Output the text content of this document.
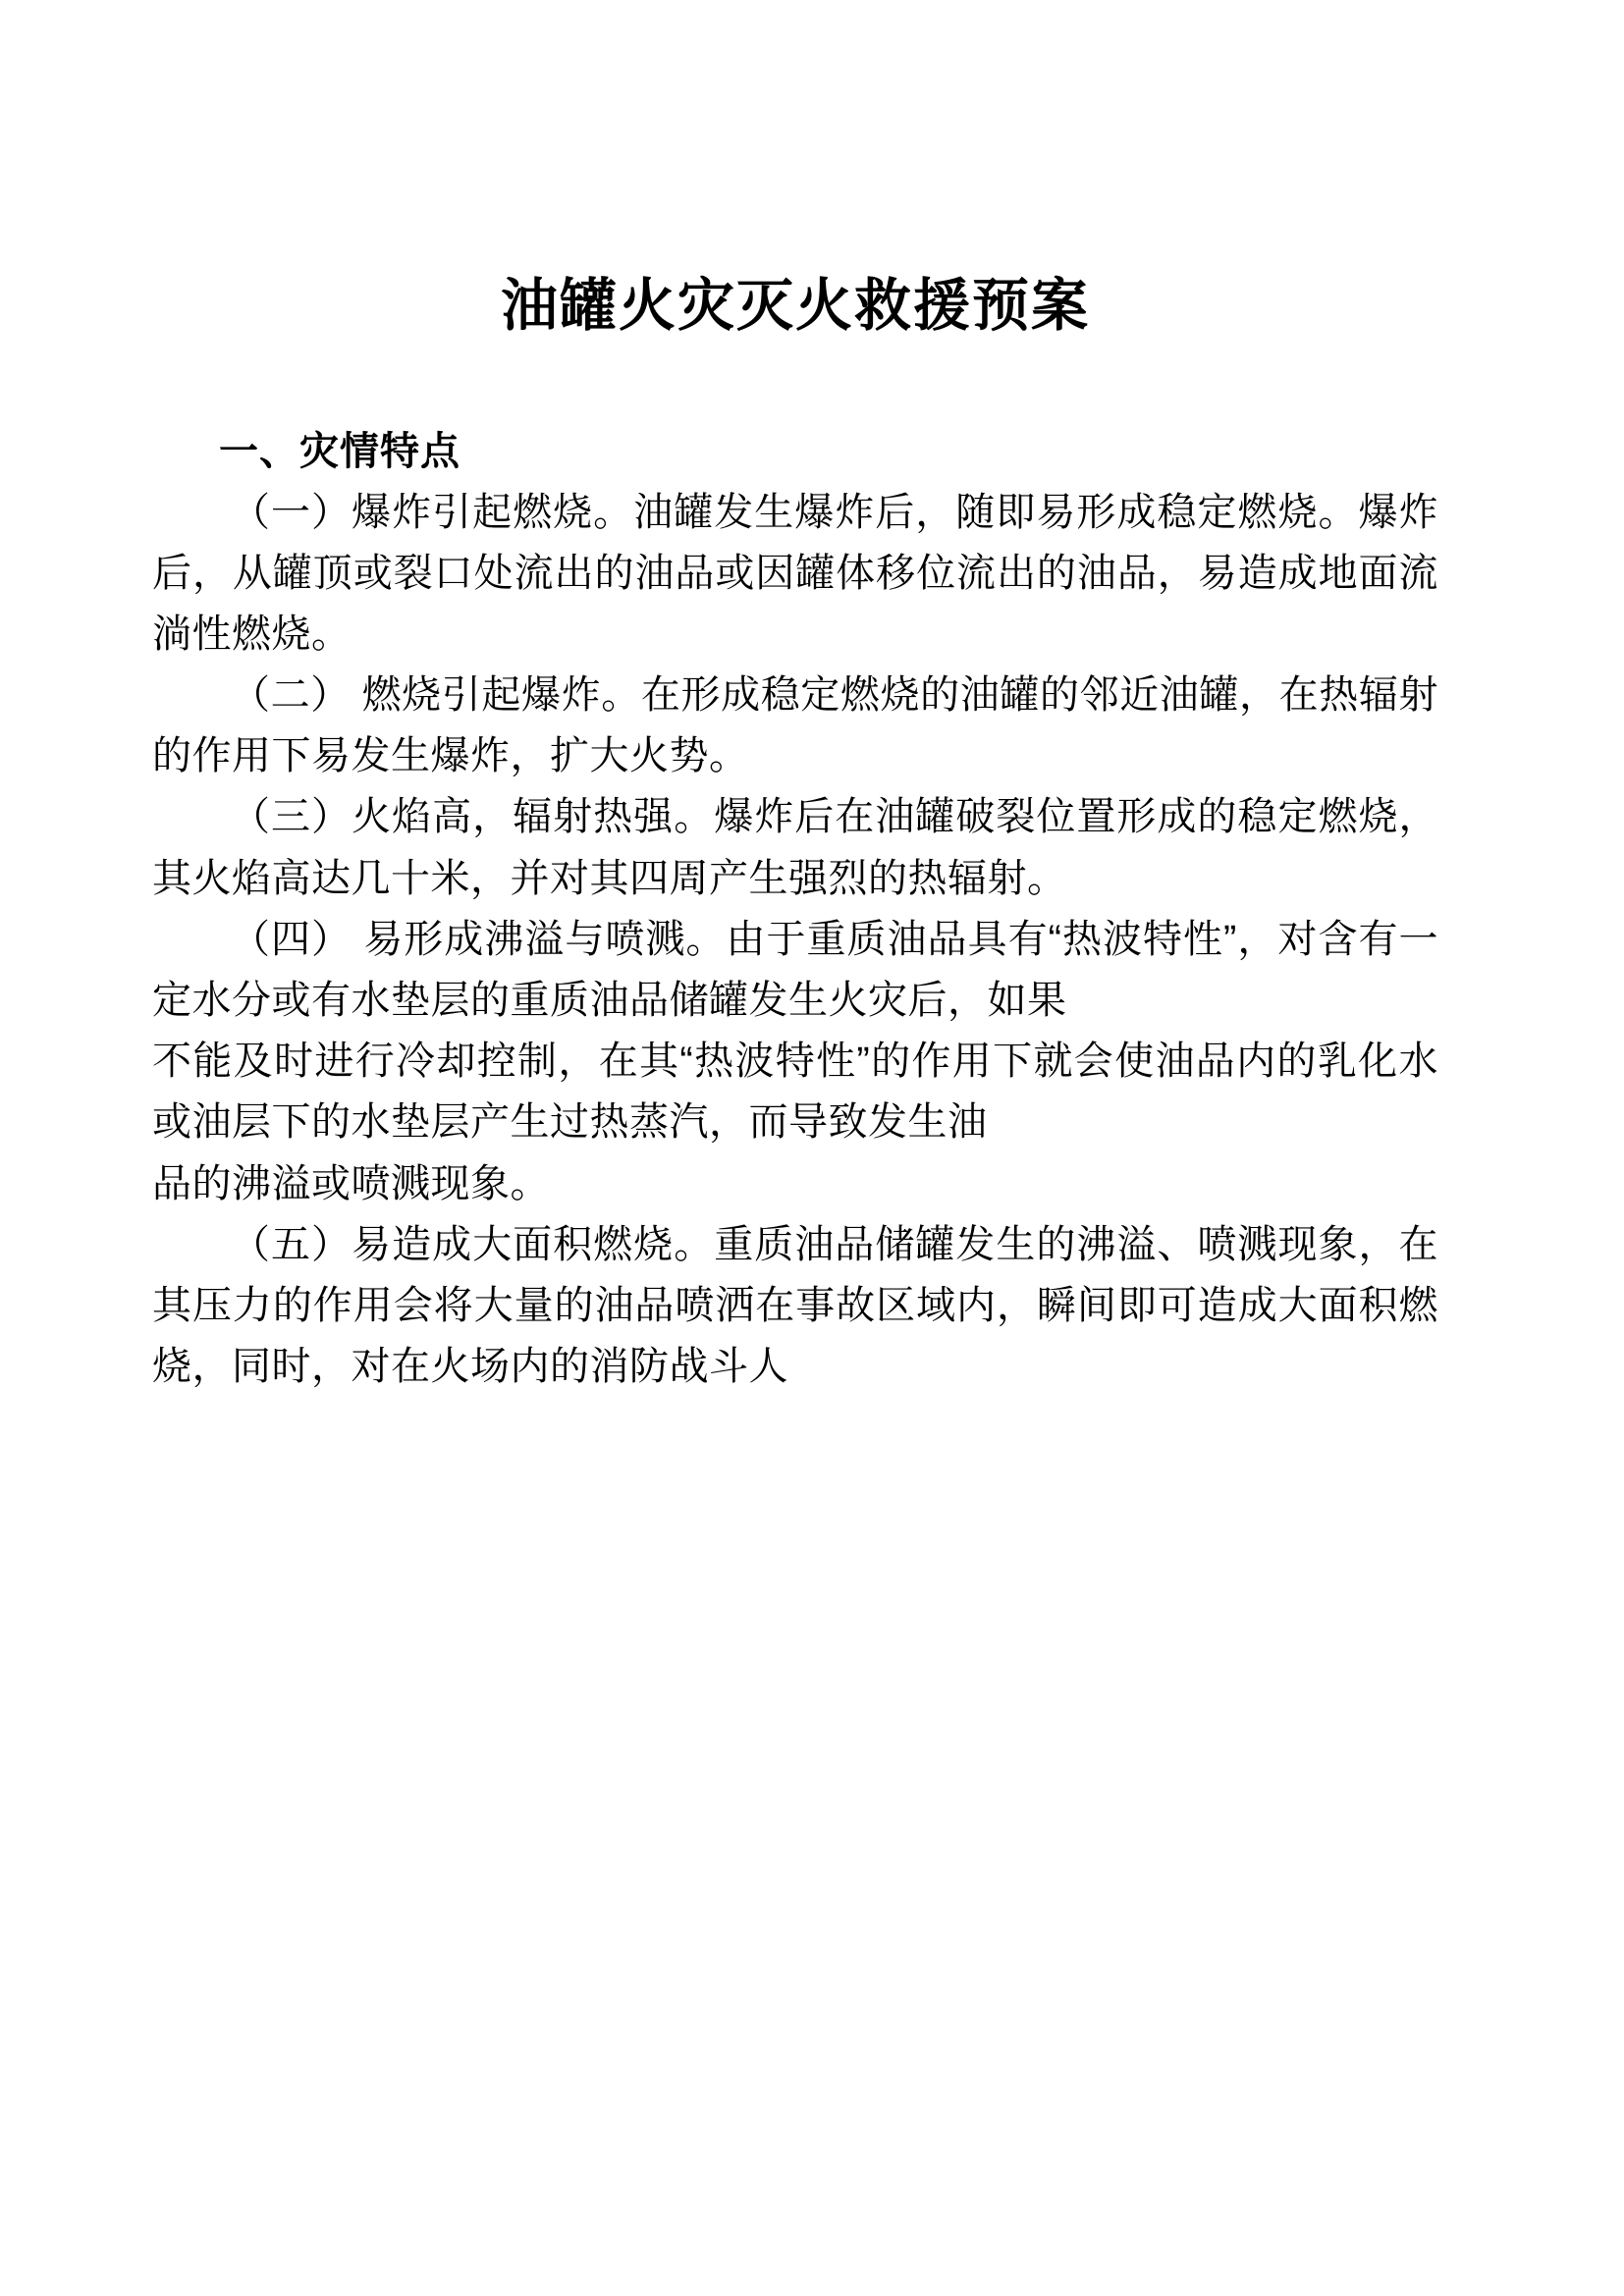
油罐火灾灭火救援预案
一、灾情特点

（一）爆炸引起燃烧。油罐发生爆炸后，随即易形成稳定燃烧。爆炸后，从罐顶或裂口处流出的油品或因罐体移位流出的油品，易造成地面流淌性燃烧。

（二） 燃烧引起爆炸。在形成稳定燃烧的油罐的邻近油罐，在热辐射的作用下易发生爆炸，扩大火势。

（三）火焰高，辐射热强。爆炸后在油罐破裂位置形成的稳定燃烧，其火焰高达几十米，并对其四周产生强烈的热辐射。

（四） 易形成沸溢与喷溅。由于重质油品具有“热波特性”，对含有一定水分或有水垫层的重质油品储罐发生火灾后，如果

不能及时进行冷却控制，在其“热波特性”的作用下就会使油品内的乳化水或油层下的水垫层产生过热蒸汽，而导致发生油

品的沸溢或喷溅现象。

（五）易造成大面积燃烧。重质油品储罐发生的沸溢、喷溅现象，在其压力的作用会将大量的油品喷洒在事故区域内，瞬间即可造成大面积燃烧，同时，对在火场内的消防战斗人
